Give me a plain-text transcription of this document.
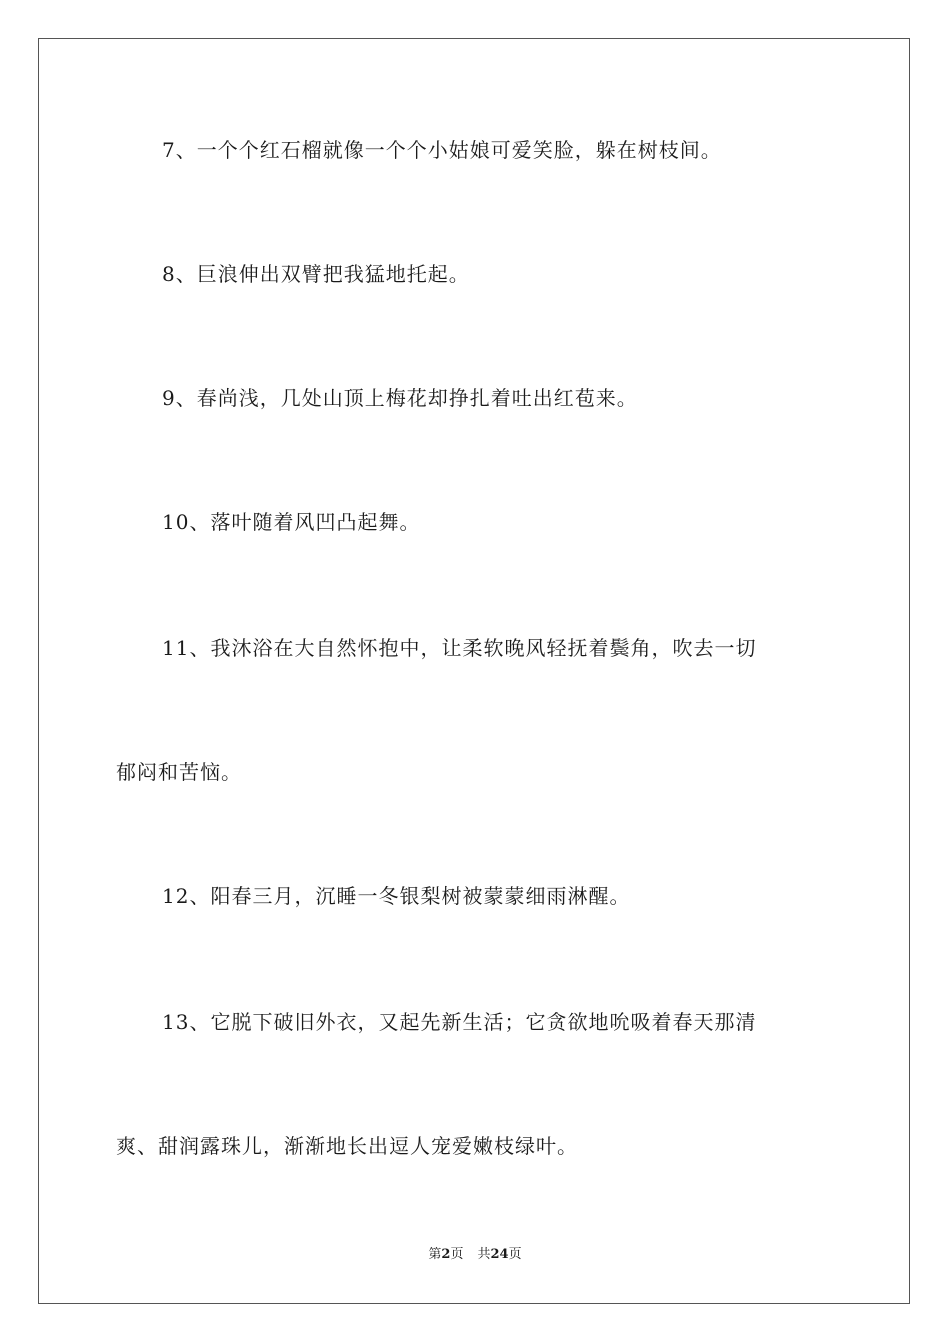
7、一个个红石榴就像一个个小姑娘可爱笑脸，躲在树枝间。
8、巨浪伸出双臂把我猛地托起。
9、春尚浅，几处山顶上梅花却挣扎着吐出红苞来。
10、落叶随着风凹凸起舞。
11、我沐浴在大自然怀抱中，让柔软晚风轻抚着鬓角，吹去一切
郁闷和苦恼。
12、阳春三月，沉睡一冬银梨树被蒙蒙细雨淋醒。
13、它脱下破旧外衣，又起先新生活；它贪欲地吮吸着春天那清
爽、甜润露珠儿，渐渐地长出逗人宠爱嫩枝绿叶。
第2页 共24页
